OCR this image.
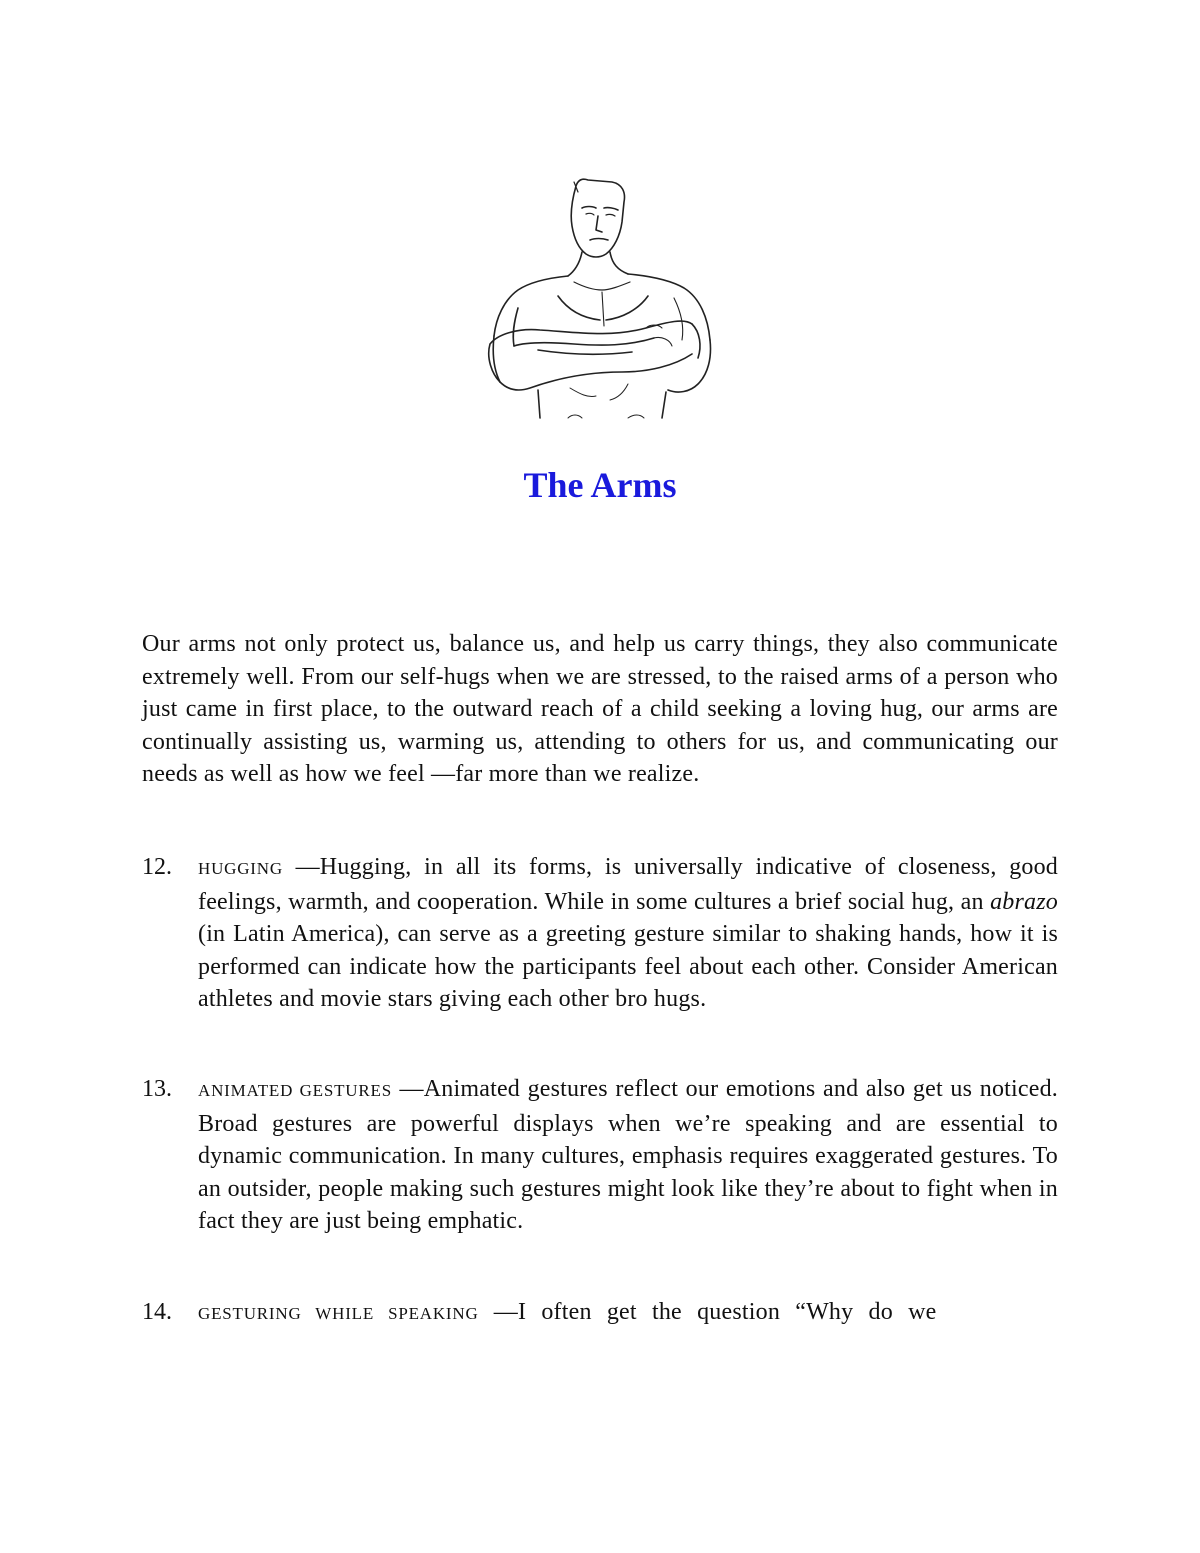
The Arms

Our arms not only protect us, balance us, and help us carry things, they also communicate extremely well. From our self-hugs when we are stressed, to the raised arms of a person who just came in first place, to the outward reach of a child seeking a loving hug, our arms are continually assisting us, warming us, attending to others for us, and communicating our needs as well as how we feel —far more than we realize.

12.	HUGGING —Hugging, in all its forms, is universally indicative of closeness, good feelings, warmth, and cooperation. While in some cultures a brief social hug, an abrazo (in Latin America), can serve as a greeting gesture similar to shaking hands, how it is performed can indicate how the participants feel about each other. Consider American athletes and movie stars giving each other bro hugs.
13.	ANIMATED GESTURES —Animated gestures reflect our emotions and also get us noticed. Broad gestures are powerful displays when we’re speaking and are essential to dynamic communication. In many cultures, emphasis requires exaggerated gestures. To an outsider, people making such gestures might look like they’re about to fight when in fact they are just being emphatic.
14.	GESTURING WHILE SPEAKING —I often get the question “Why do we
